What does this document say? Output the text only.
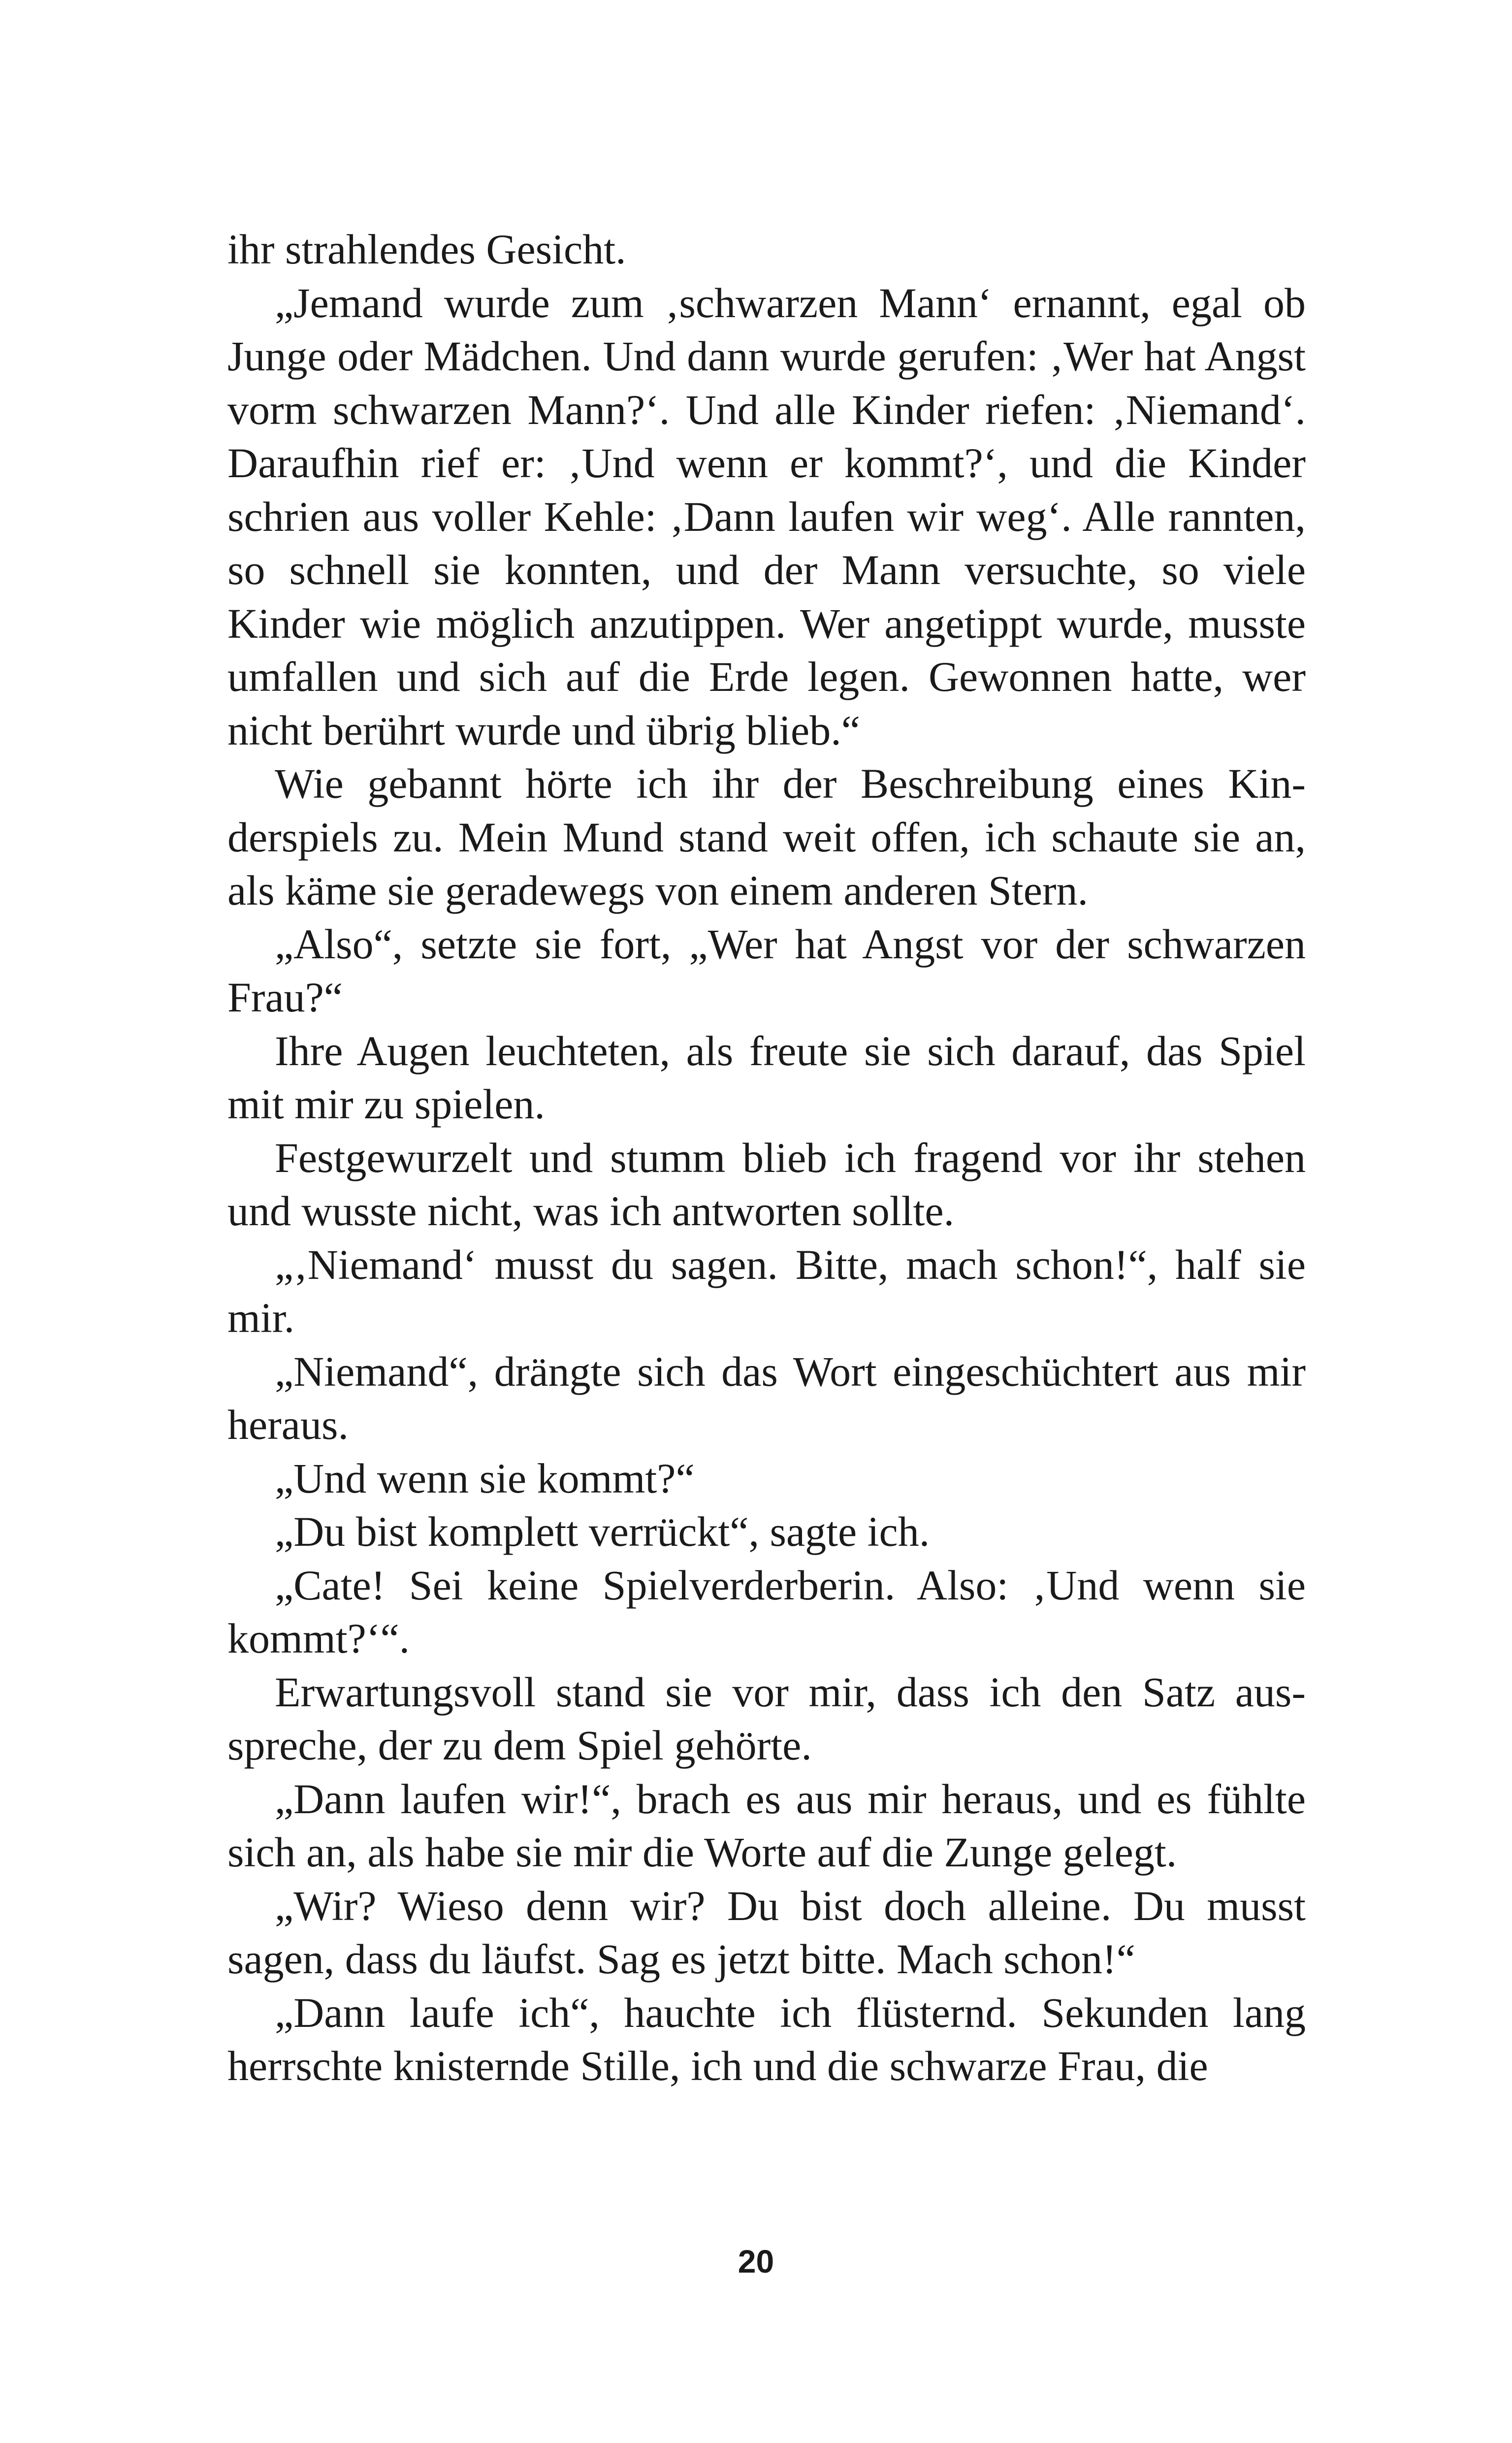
ihr strahlendes Gesicht.

„Jemand wurde zum ‚schwarzen Mann‘ ernannt, egal ob Junge oder Mädchen. Und dann wurde gerufen: ‚Wer hat Angst vorm schwarzen Mann?‘. Und alle Kinder riefen: ‚Niemand‘. Daraufhin rief er: ‚Und wenn er kommt?‘, und die Kinder schrien aus voller Kehle: ‚Dann laufen wir weg‘. Alle rannten, so schnell sie konnten, und der Mann versuchte, so viele Kinder wie möglich anzutippen. Wer angetippt wurde, musste umfallen und sich auf die Erde legen. Gewonnen hatte, wer nicht berührt wurde und übrig blieb.“

Wie gebannt hörte ich ihr der Beschreibung eines Kinderspiels zu. Mein Mund stand weit offen, ich schaute sie an, als käme sie geradewegs von einem anderen Stern.

„Also“, setzte sie fort, „Wer hat Angst vor der schwarzen Frau?“

Ihre Augen leuchteten, als freute sie sich darauf, das Spiel mit mir zu spielen.

Festgewurzelt und stumm blieb ich fragend vor ihr stehen und wusste nicht, was ich antworten sollte.

„‚Niemand‘ musst du sagen. Bitte, mach schon!“, half sie mir.

„Niemand“, drängte sich das Wort eingeschüchtert aus mir heraus.

„Und wenn sie kommt?“

„Du bist komplett verrückt“, sagte ich.

„Cate! Sei keine Spielverderberin. Also: ‚Und wenn sie kommt?‘“.

Erwartungsvoll stand sie vor mir, dass ich den Satz ausspreche, der zu dem Spiel gehörte.

„Dann laufen wir!“, brach es aus mir heraus, und es fühlte sich an, als habe sie mir die Worte auf die Zunge gelegt.

„Wir? Wieso denn wir? Du bist doch alleine. Du musst sagen, dass du läufst. Sag es jetzt bitte. Mach schon!“

„Dann laufe ich“, hauchte ich flüsternd. Sekunden lang herrschte knisternde Stille, ich und die schwarze Frau, die

20
